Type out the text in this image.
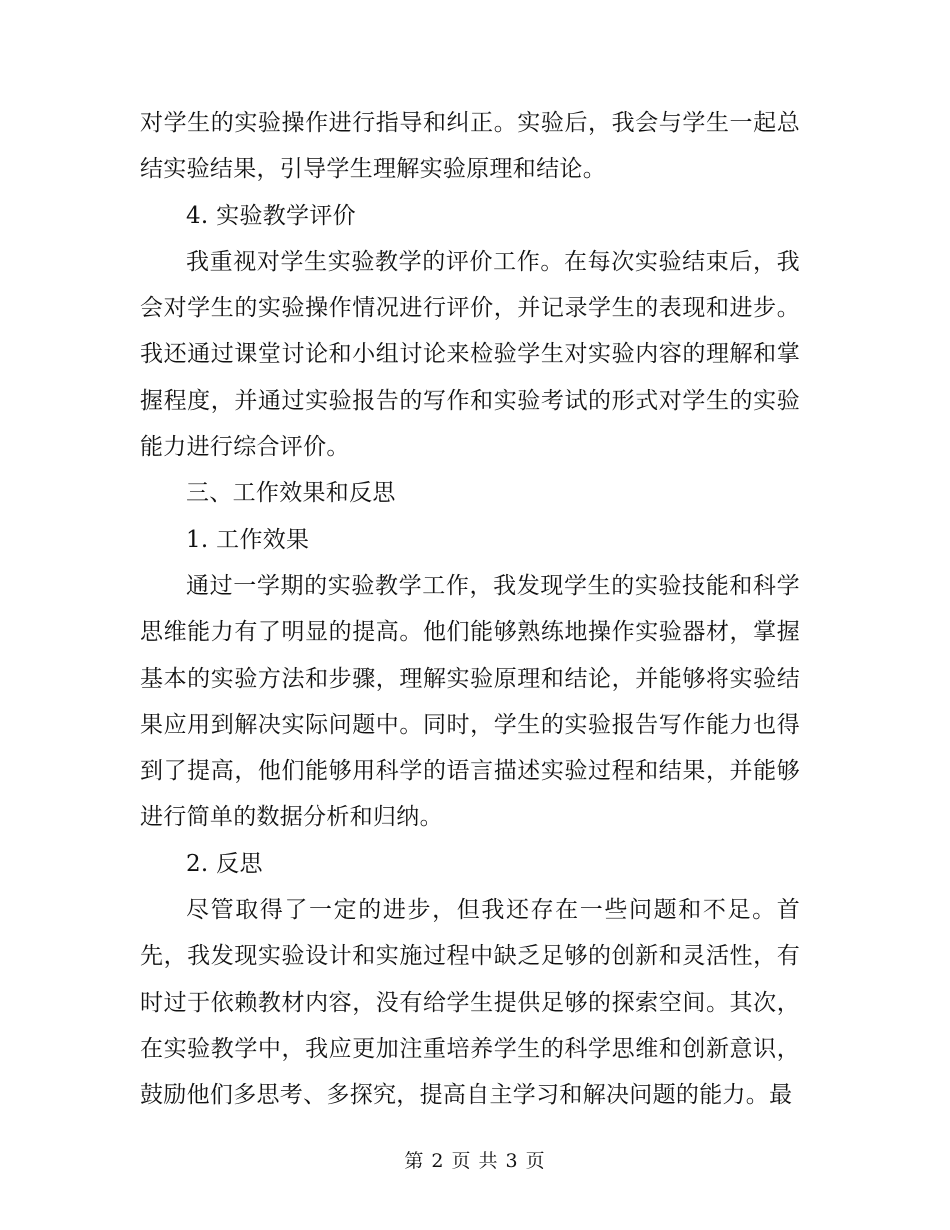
对学生的实验操作进行指导和纠正。实验后，我会与学生一起总结实验结果，引导学生理解实验原理和结论。

4. 实验教学评价

我重视对学生实验教学的评价工作。在每次实验结束后，我会对学生的实验操作情况进行评价，并记录学生的表现和进步。我还通过课堂讨论和小组讨论来检验学生对实验内容的理解和掌握程度，并通过实验报告的写作和实验考试的形式对学生的实验能力进行综合评价。

三、工作效果和反思

1. 工作效果

通过一学期的实验教学工作，我发现学生的实验技能和科学思维能力有了明显的提高。他们能够熟练地操作实验器材，掌握基本的实验方法和步骤，理解实验原理和结论，并能够将实验结果应用到解决实际问题中。同时，学生的实验报告写作能力也得到了提高，他们能够用科学的语言描述实验过程和结果，并能够进行简单的数据分析和归纳。

2. 反思

尽管取得了一定的进步，但我还存在一些问题和不足。首先，我发现实验设计和实施过程中缺乏足够的创新和灵活性，有时过于依赖教材内容，没有给学生提供足够的探索空间。其次，在实验教学中，我应更加注重培养学生的科学思维和创新意识，鼓励他们多思考、多探究，提高自主学习和解决问题的能力。最

第 2 页 共 3 页
